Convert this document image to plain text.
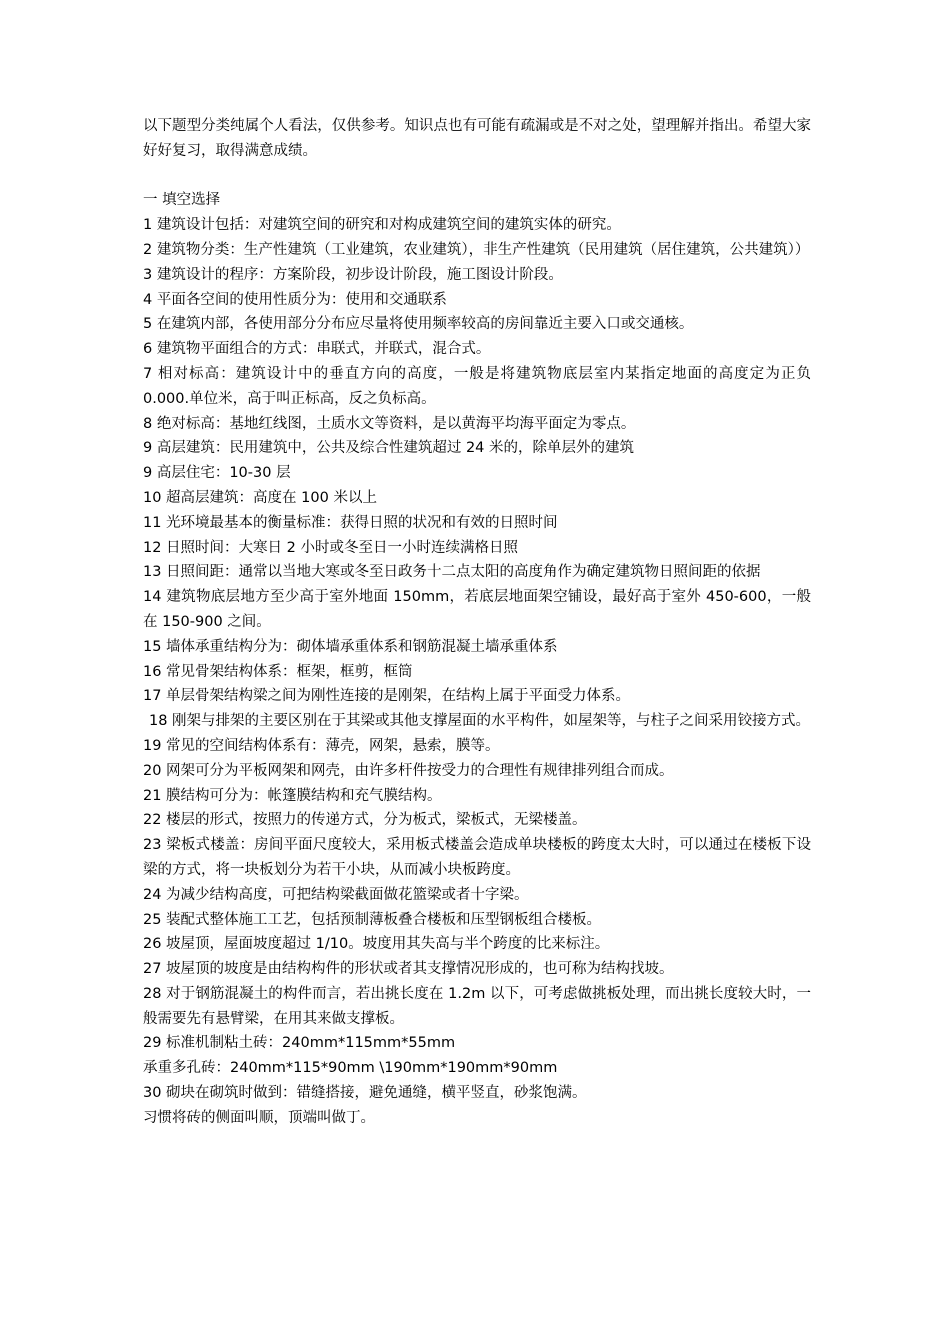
以下题型分类纯属个人看法，仅供参考。知识点也有可能有疏漏或是不对之处，望理解并指出。希望大家好好复习，取得满意成绩。

一 填空选择

1 建筑设计包括：对建筑空间的研究和对构成建筑空间的建筑实体的研究。

2 建筑物分类：生产性建筑（工业建筑，农业建筑），非生产性建筑（民用建筑（居住建筑，公共建筑））

3 建筑设计的程序：方案阶段，初步设计阶段，施工图设计阶段。

4 平面各空间的使用性质分为：使用和交通联系

5 在建筑内部，各使用部分分布应尽量将使用频率较高的房间靠近主要入口或交通核。

6 建筑物平面组合的方式：串联式，并联式，混合式。

7 相对标高：建筑设计中的垂直方向的高度，一般是将建筑物底层室内某指定地面的高度定为正负 0.000.单位米，高于叫正标高，反之负标高。

8 绝对标高：基地红线图，土质水文等资料，是以黄海平均海平面定为零点。

9 高层建筑：民用建筑中，公共及综合性建筑超过 24 米的，除单层外的建筑

9 高层住宅：10-30 层

10 超高层建筑：高度在 100 米以上

11 光环境最基本的衡量标准：获得日照的状况和有效的日照时间

12 日照时间：大寒日 2 小时或冬至日一小时连续满格日照

13 日照间距：通常以当地大寒或冬至日政务十二点太阳的高度角作为确定建筑物日照间距的依据

14 建筑物底层地方至少高于室外地面 150mm，若底层地面架空铺设，最好高于室外 450-600，一般在 150-900 之间。

15 墙体承重结构分为：砌体墙承重体系和钢筋混凝土墙承重体系

16 常见骨架结构体系：框架，框剪，框筒

17 单层骨架结构梁之间为刚性连接的是刚架，在结构上属于平面受力体系。

18 刚架与排架的主要区别在于其梁或其他支撑屋面的水平构件，如屋架等，与柱子之间采用铰接方式。

19 常见的空间结构体系有：薄壳，网架，悬索，膜等。

20 网架可分为平板网架和网壳，由许多杆件按受力的合理性有规律排列组合而成。

21 膜结构可分为：帐篷膜结构和充气膜结构。

22 楼层的形式，按照力的传递方式，分为板式，梁板式，无梁楼盖。

23 梁板式楼盖：房间平面尺度较大，采用板式楼盖会造成单块楼板的跨度太大时，可以通过在楼板下设梁的方式，将一块板划分为若干小块，从而减小块板跨度。

24 为减少结构高度，可把结构梁截面做花篮梁或者十字梁。

25 装配式整体施工工艺，包括预制薄板叠合楼板和压型钢板组合楼板。

26 坡屋顶，屋面坡度超过 1/10。坡度用其失高与半个跨度的比来标注。

27 坡屋顶的坡度是由结构构件的形状或者其支撑情况形成的，也可称为结构找坡。

28 对于钢筋混凝土的构件而言，若出挑长度在 1.2m 以下，可考虑做挑板处理，而出挑长度较大时，一般需要先有悬臂梁，在用其来做支撑板。

29 标准机制粘土砖：240mm*115mm*55mm

承重多孔砖：240mm*115*90mm \190mm*190mm*90mm

30 砌块在砌筑时做到：错缝搭接，避免通缝，横平竖直，砂浆饱满。

习惯将砖的侧面叫顺，顶端叫做丁。
